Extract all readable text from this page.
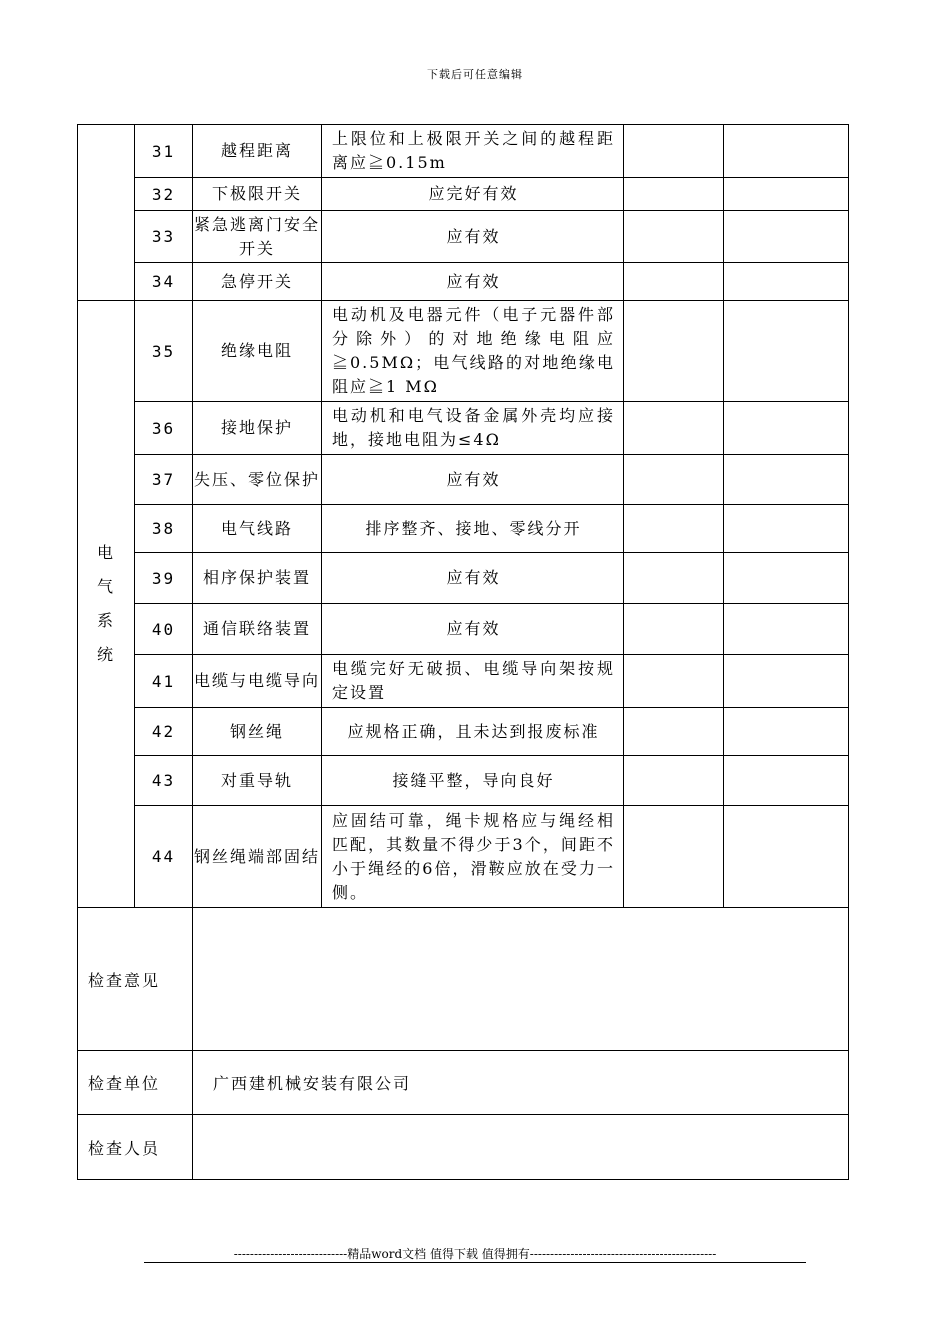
下载后可任意编辑
	31	越程距离	上限位和上极限开关之间的越程距离应≧0.15m		
	32	下极限开关	应完好有效		
	33	紧急逃离门安全开关	应有效		
	34	急停开关	应有效		

电
气
系
统	35	绝缘电阻	电动机及电器元件（电子元器件部分除外）的对地绝缘电阻应≧0.5MΩ；电气线路的对地绝缘电阻应≧1 MΩ		
	36	接地保护	电动机和电气设备金属外壳均应接地，接地电阻为≤4Ω		
	37	失压、零位保护	应有效		
	38	电气线路	排序整齐、接地、零线分开		
	39	相序保护装置	应有效		
	40	通信联络装置	应有效		
	41	电缆与电缆导向	电缆完好无破损、电缆导向架按规定设置		
	42	钢丝绳	应规格正确，且未达到报废标准		
	43	对重导轨	接缝平整，导向良好		
	44	钢丝绳端部固结	应固结可靠，绳卡规格应与绳经相匹配，其数量不得少于3个，间距不小于绳经的6倍，滑鞍应放在受力一侧。		
检查意见					
检查单位		广西建机械安装有限公司			
检查人员					
----------------------------精品word文档 值得下载 值得拥有----------------------------------------------
